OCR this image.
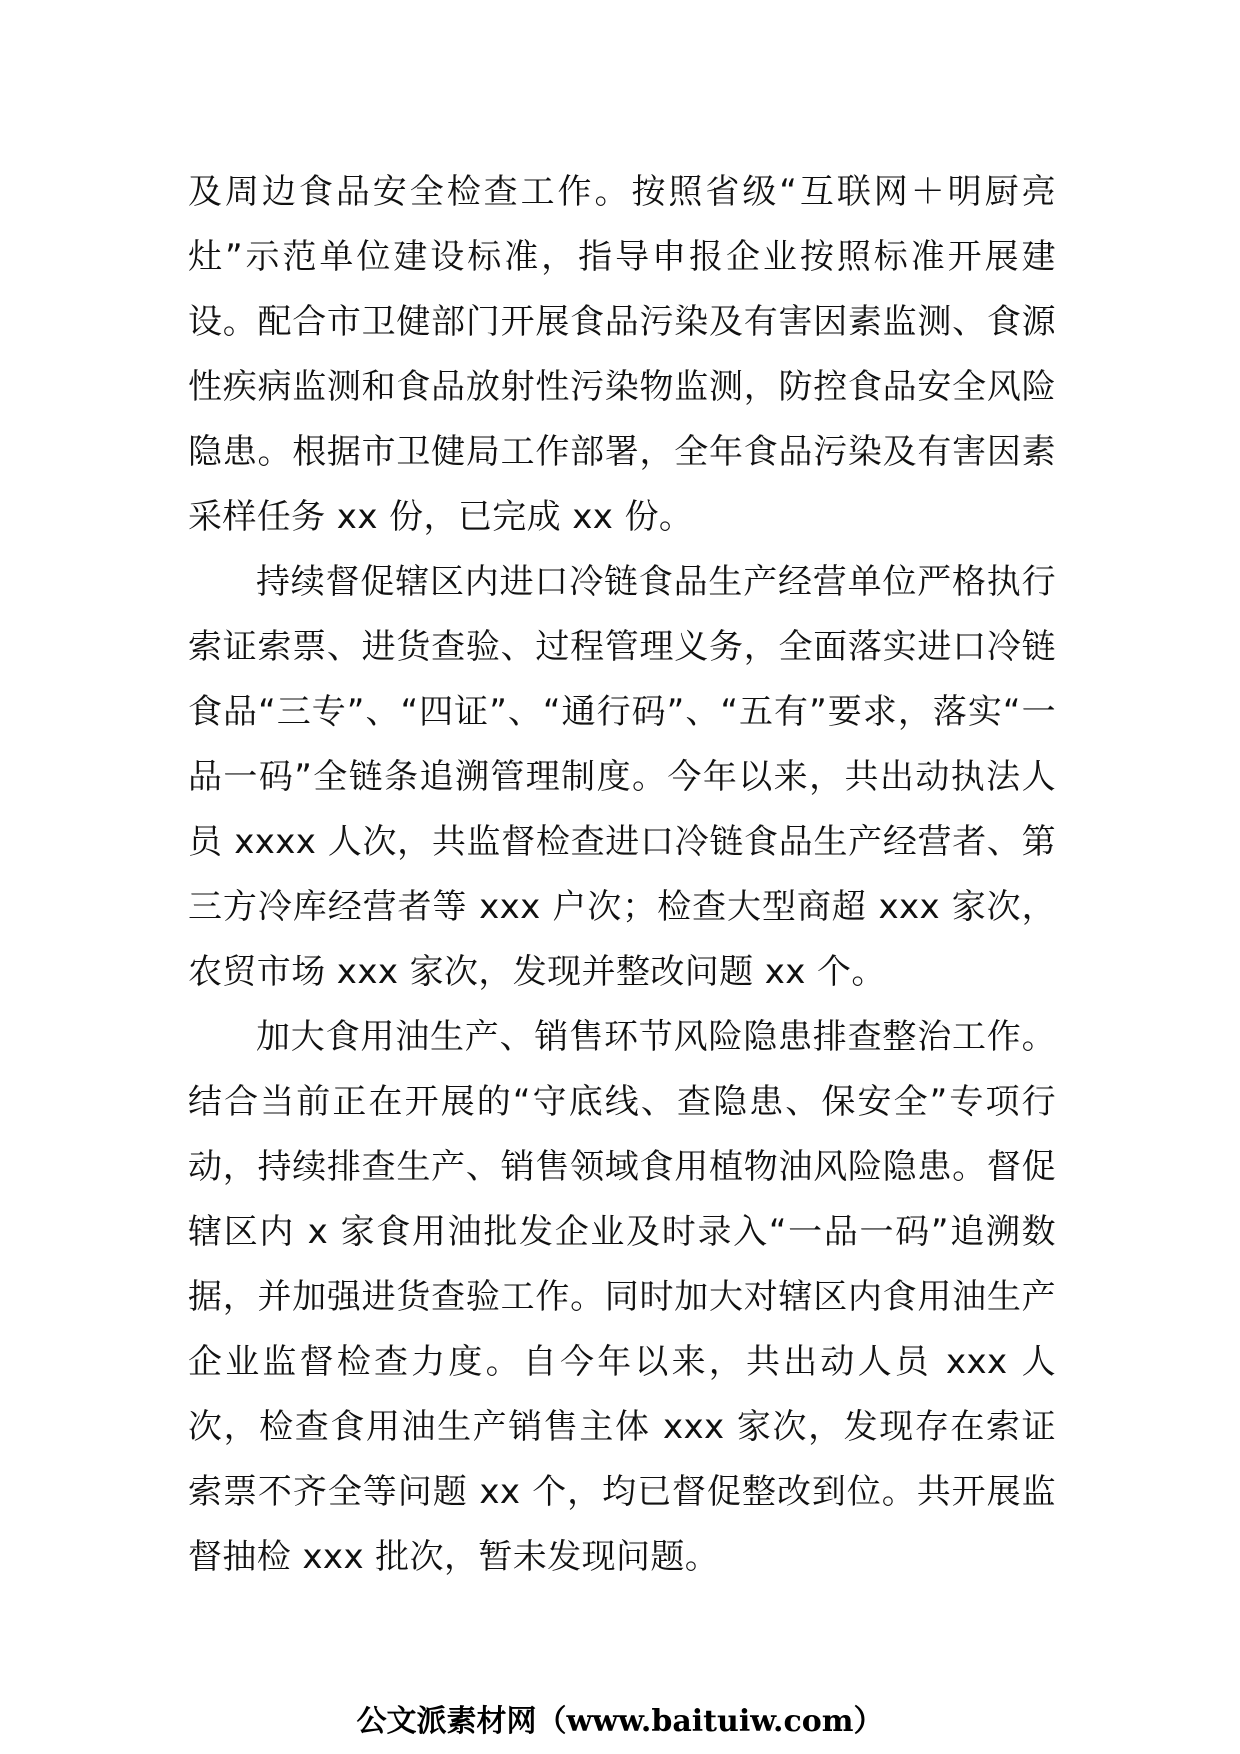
及周边食品安全检查工作。按照省级“互联网＋明厨亮灶”示范单位建设标准，指导申报企业按照标准开展建设。配合市卫健部门开展食品污染及有害因素监测、食源性疾病监测和食品放射性污染物监测，防控食品安全风险隐患。根据市卫健局工作部署，全年食品污染及有害因素采样任务 xx 份，已完成 xx 份。

持续督促辖区内进口冷链食品生产经营单位严格执行索证索票、进货查验、过程管理义务，全面落实进口冷链食品“三专”、“四证”、“通行码”、“五有”要求，落实“一品一码”全链条追溯管理制度。今年以来，共出动执法人员 xxxx 人次，共监督检查进口冷链食品生产经营者、第三方冷库经营者等 xxx 户次；检查大型商超 xxx 家次，农贸市场 xxx 家次，发现并整改问题 xx 个。

加大食用油生产、销售环节风险隐患排查整治工作。结合当前正在开展的“守底线、查隐患、保安全”专项行动，持续排查生产、销售领域食用植物油风险隐患。督促辖区内 x 家食用油批发企业及时录入“一品一码”追溯数据，并加强进货查验工作。同时加大对辖区内食用油生产企业监督检查力度。自今年以来，共出动人员 xxx 人次，检查食用油生产销售主体 xxx 家次，发现存在索证索票不齐全等问题 xx 个，均已督促整改到位。共开展监督抽检 xxx 批次，暂未发现问题。

公文派素材网（www.baituiw.com）
